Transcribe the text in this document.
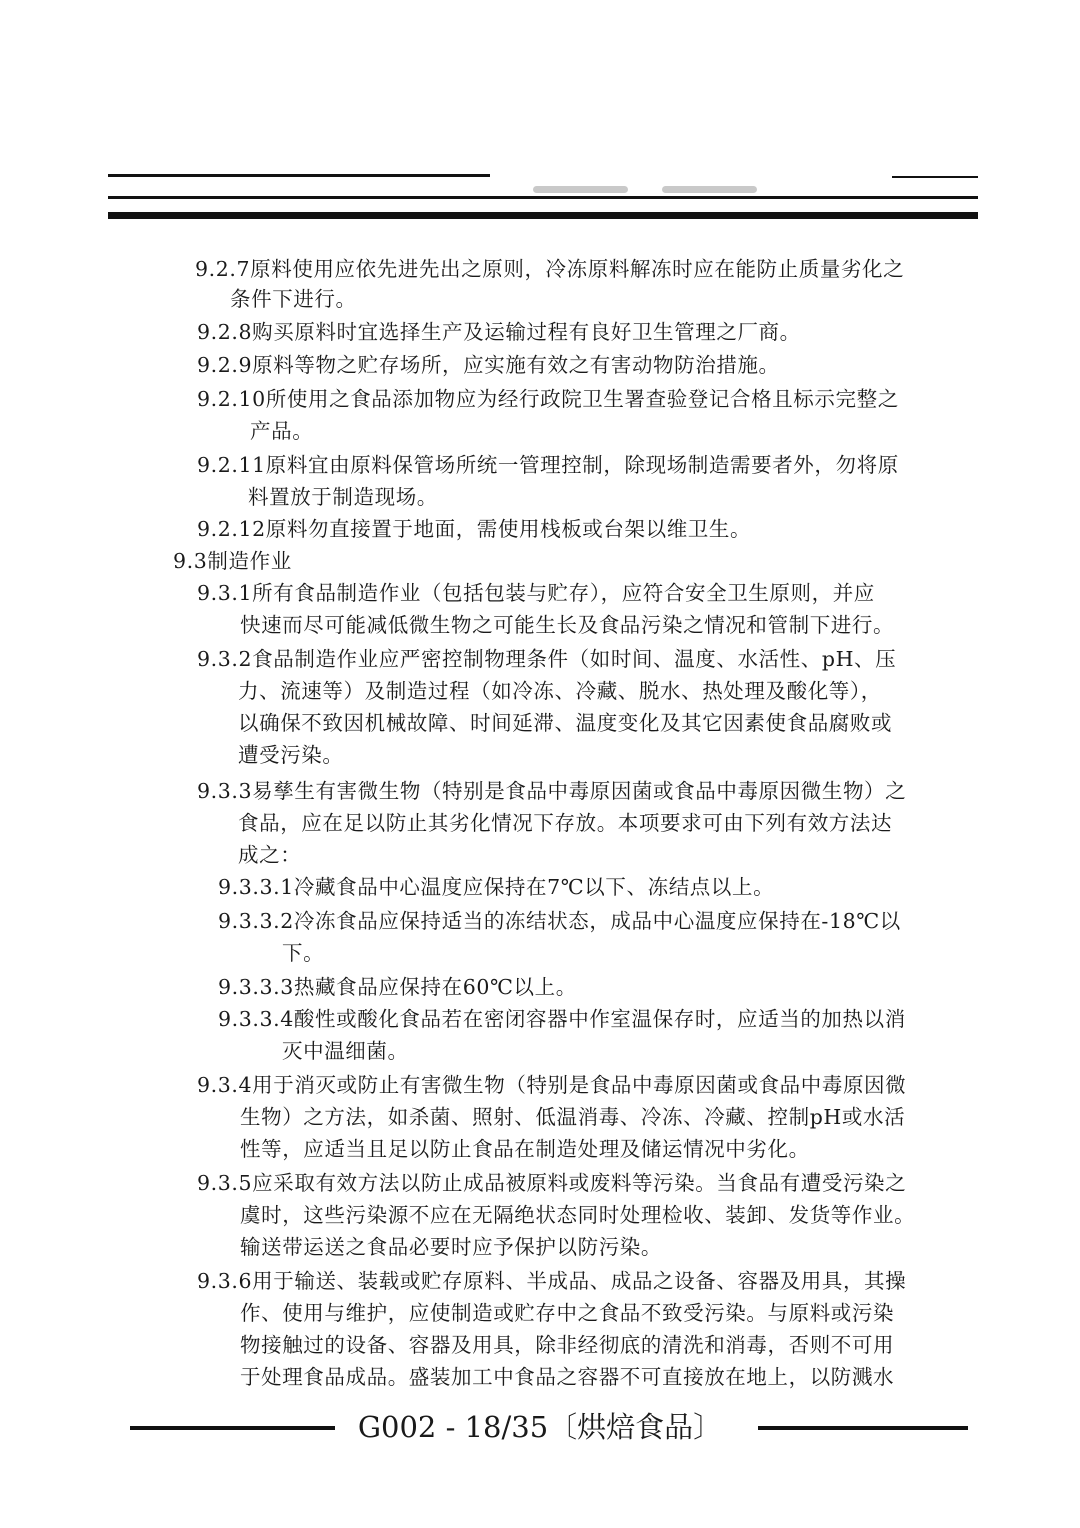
9.2.7原料使用应依先进先出之原则，冷冻原料解冻时应在能防止质量劣化之
条件下进行。
9.2.8购买原料时宜选择生产及运输过程有良好卫生管理之厂商。
9.2.9原料等物之贮存场所，应实施有效之有害动物防治措施。
9.2.10所使用之食品添加物应为经行政院卫生署查验登记合格且标示完整之
产品。
9.2.11原料宜由原料保管场所统一管理控制，除现场制造需要者外，勿将原
料置放于制造现场。
9.2.12原料勿直接置于地面，需使用栈板或台架以维卫生。
9.3制造作业
9.3.1所有食品制造作业（包括包装与贮存），应符合安全卫生原则，并应
快速而尽可能减低微生物之可能生长及食品污染之情况和管制下进行。
9.3.2食品制造作业应严密控制物理条件（如时间、温度、水活性、pH、压
力、流速等）及制造过程（如冷冻、冷藏、脱水、热处理及酸化等），
以确保不致因机械故障、时间延滞、温度变化及其它因素使食品腐败或
遭受污染。
9.3.3易孳生有害微生物（特别是食品中毒原因菌或食品中毒原因微生物）之
食品，应在足以防止其劣化情况下存放。本项要求可由下列有效方法达
成之：
9.3.3.1冷藏食品中心温度应保持在7℃以下、冻结点以上。
9.3.3.2冷冻食品应保持适当的冻结状态，成品中心温度应保持在-18℃以
下。
9.3.3.3热藏食品应保持在60℃以上。
9.3.3.4酸性或酸化食品若在密闭容器中作室温保存时，应适当的加热以消
灭中温细菌。
9.3.4用于消灭或防止有害微生物（特别是食品中毒原因菌或食品中毒原因微
生物）之方法，如杀菌、照射、低温消毒、冷冻、冷藏、控制pH或水活
性等，应适当且足以防止食品在制造处理及储运情况中劣化。
9.3.5应采取有效方法以防止成品被原料或废料等污染。当食品有遭受污染之
虞时，这些污染源不应在无隔绝状态同时处理检收、装卸、发货等作业。
输送带运送之食品必要时应予保护以防污染。
9.3.6用于输送、装载或贮存原料、半成品、成品之设备、容器及用具，其操
作、使用与维护，应使制造或贮存中之食品不致受污染。与原料或污染
物接触过的设备、容器及用具，除非经彻底的清洗和消毒，否则不可用
于处理食品成品。盛装加工中食品之容器不可直接放在地上，以防溅水
G002 - 18/35〔烘焙食品〕
